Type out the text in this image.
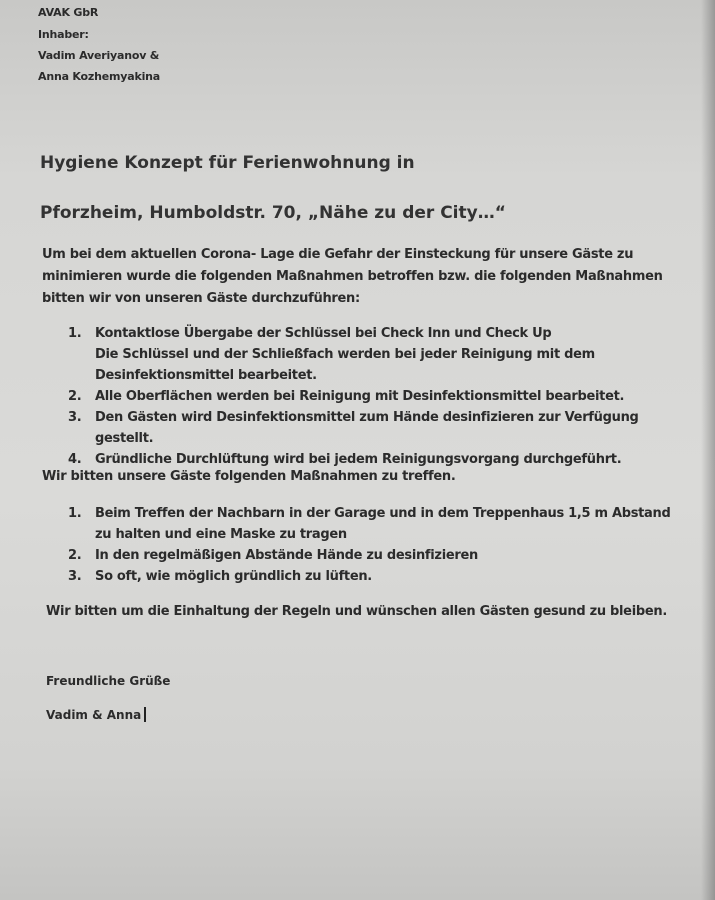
AVAK GbR
Inhaber:
Vadim Averiyanov &
Anna Kozhemyakina
Hygiene Konzept für Ferienwohnung in
Pforzheim, Humboldstr. 70, „Nähe zu der City…“
Um bei dem aktuellen Corona- Lage die Gefahr der Einsteckung für unsere Gäste zu minimieren wurde die folgenden Maßnahmen betroffen bzw. die folgenden Maßnahmen bitten wir von unseren Gäste durchzuführen:
1.	Kontaktlose Übergabe der Schlüssel bei Check Inn und Check Up
Die Schlüssel und der Schließfach werden bei jeder Reinigung mit dem Desinfektionsmittel bearbeitet.
2.	Alle Oberflächen werden bei Reinigung mit Desinfektionsmittel bearbeitet.
3.	Den Gästen wird Desinfektionsmittel zum Hände desinfizieren zur Verfügung gestellt.
4.	Gründliche Durchlüftung wird bei jedem Reinigungsvorgang durchgeführt.
Wir bitten unsere Gäste folgenden Maßnahmen zu treffen.
1.	Beim Treffen der Nachbarn in der Garage und in dem Treppenhaus 1,5 m Abstand zu halten und eine Maske zu tragen
2.	In den regelmäßigen Abstände Hände zu desinfizieren
3.	So oft, wie möglich gründlich zu lüften.
Wir bitten um die Einhaltung der Regeln und wünschen allen Gästen gesund zu bleiben.
Freundliche Grüße
Vadim & Anna
